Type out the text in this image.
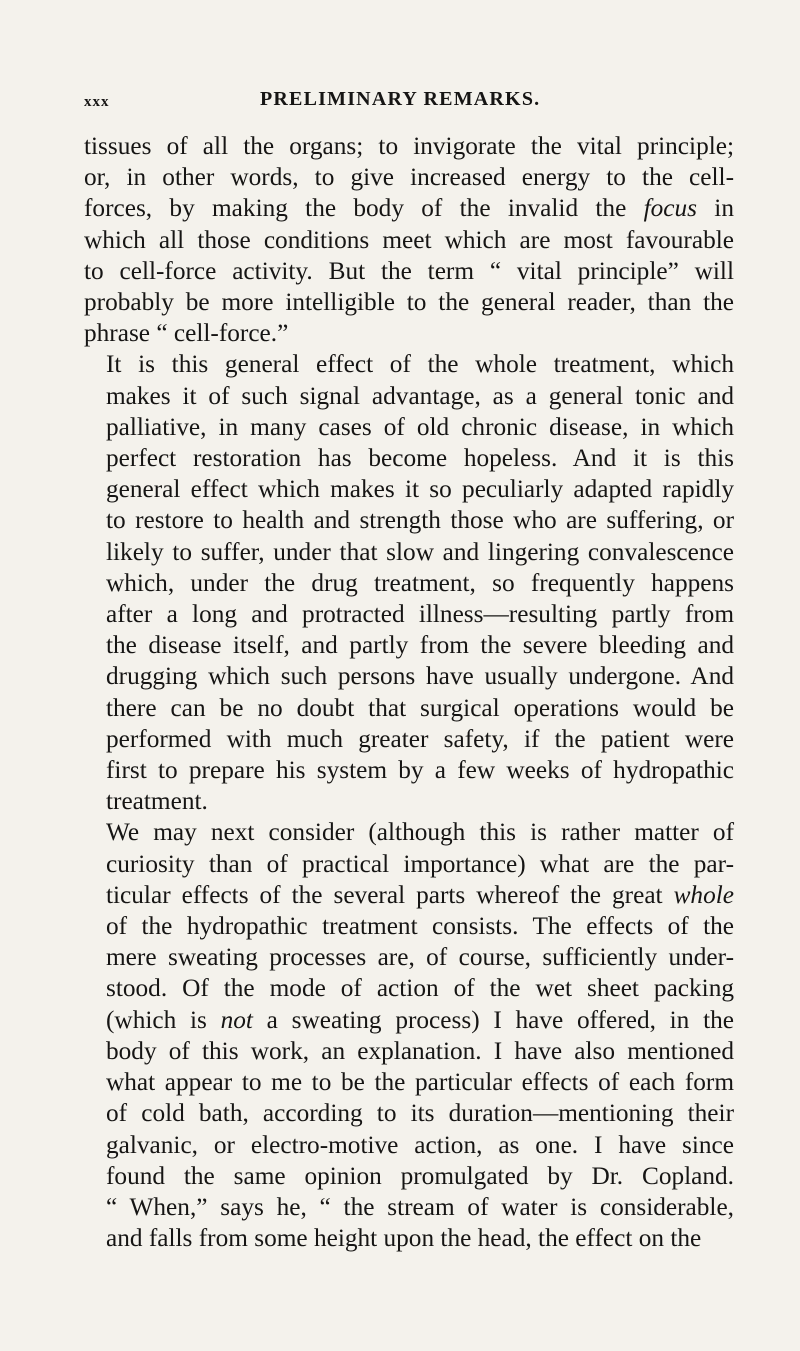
xxx	PRELIMINARY REMARKS.

tissues of all the organs; to invigorate the vital principle;
or, in other words, to give increased energy to the cell-
forces, by making the body of the invalid the focus in
which all those conditions meet which are most favourable
to cell-force activity. But the term “ vital principle” will
probably be more intelligible to the general reader, than the
phrase “ cell-force.”

It is this general effect of the whole treatment, which
makes it of such signal advantage, as a general tonic and
palliative, in many cases of old chronic disease, in which
perfect restoration has become hopeless. And it is this
general effect which makes it so peculiarly adapted rapidly
to restore to health and strength those who are suffering, or
likely to suffer, under that slow and lingering convalescence
which, under the drug treatment, so frequently happens
after a long and protracted illness—resulting partly from
the disease itself, and partly from the severe bleeding and
drugging which such persons have usually undergone. And
there can be no doubt that surgical operations would be
performed with much greater safety, if the patient were
first to prepare his system by a few weeks of hydropathic
treatment.

We may next consider (although this is rather matter of
curiosity than of practical importance) what are the par-
ticular effects of the several parts whereof the great whole
of the hydropathic treatment consists. The effects of the
mere sweating processes are, of course, sufficiently under-
stood. Of the mode of action of the wet sheet packing
(which is not a sweating process) I have offered, in the
body of this work, an explanation. I have also mentioned
what appear to me to be the particular effects of each form
of cold bath, according to its duration—mentioning their
galvanic, or electro-motive action, as one. I have since
found the same opinion promulgated by Dr. Copland.
“ When,” says he, “ the stream of water is considerable,
and falls from some height upon the head, the effect on the
